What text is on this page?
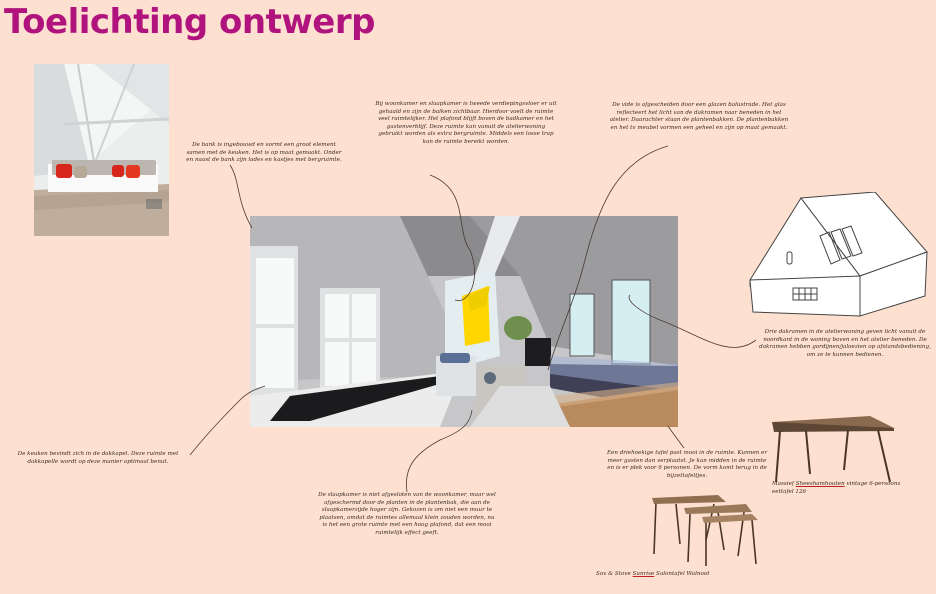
Toelichting ontwerp
De bank is ingebouwd en vormt een groot element samen met de keuken. Het is op maat gemaakt. Onder en naast de bank zijn lades en kastjes met bergruimte.
Bij woonkamer en slaapkamer is tweede verdiepingsvloer er uit gehaald en zijn de balken zichtbaar. Hierdoor voelt de ruimte veel ruimtelijker. Het plafond blijft boven de badkamer en het gastenverblijf. Deze ruimte kan vanuit de atelierwoning gebruikt worden als extra bergruimte. Middels een losse trap kan de ruimte bereikt worden.
De vide is afgescheiden door een glazen balustrade. Het glas reflecteert het licht van de dakramen naar beneden in het atelier. Daarachter staan de plantenbakken. De plantenbakken en het tv meubel vormen een geheel en zijn op maat gemaakt.
Drie dakramen in de atelierwoning geven licht vanuit de noordkant in de woning boven en het atelier beneden. De dakramen hebben gordijnen/jaloezien op afstandsbediening, om ze te kunnen bedienen.
De keuken bevindt zich in de dakkapel. Deze ruimte met dakkapelle wordt op deze manier optimaal benut.
De slaapkamer is niet afgesloten van de woonkamer, maar wel afgeschermd door de planten in de plantenbak, die aan de slaapkamerzijde hoger zijn. Gekozen is om niet een muur te plaatsen, omdat de ruimtes allemaal klein zouden worden, nu is het een grote ruimte met een hoog plafond, dat een mooi ruimtelijk effect geeft.
Een driehoekige tafel past mooi in de ruimte. Kunnen er meer gasten dan verplaatst. Je kan midden in de ruimte en is er plek voor 6 personen. De vorm komt terug in de bijzettafeltjes.
Massief Sheeshamhouten vintage 6-persoons eettafel 126
Sov & Stove Sunrise Salontafel Walnoot
